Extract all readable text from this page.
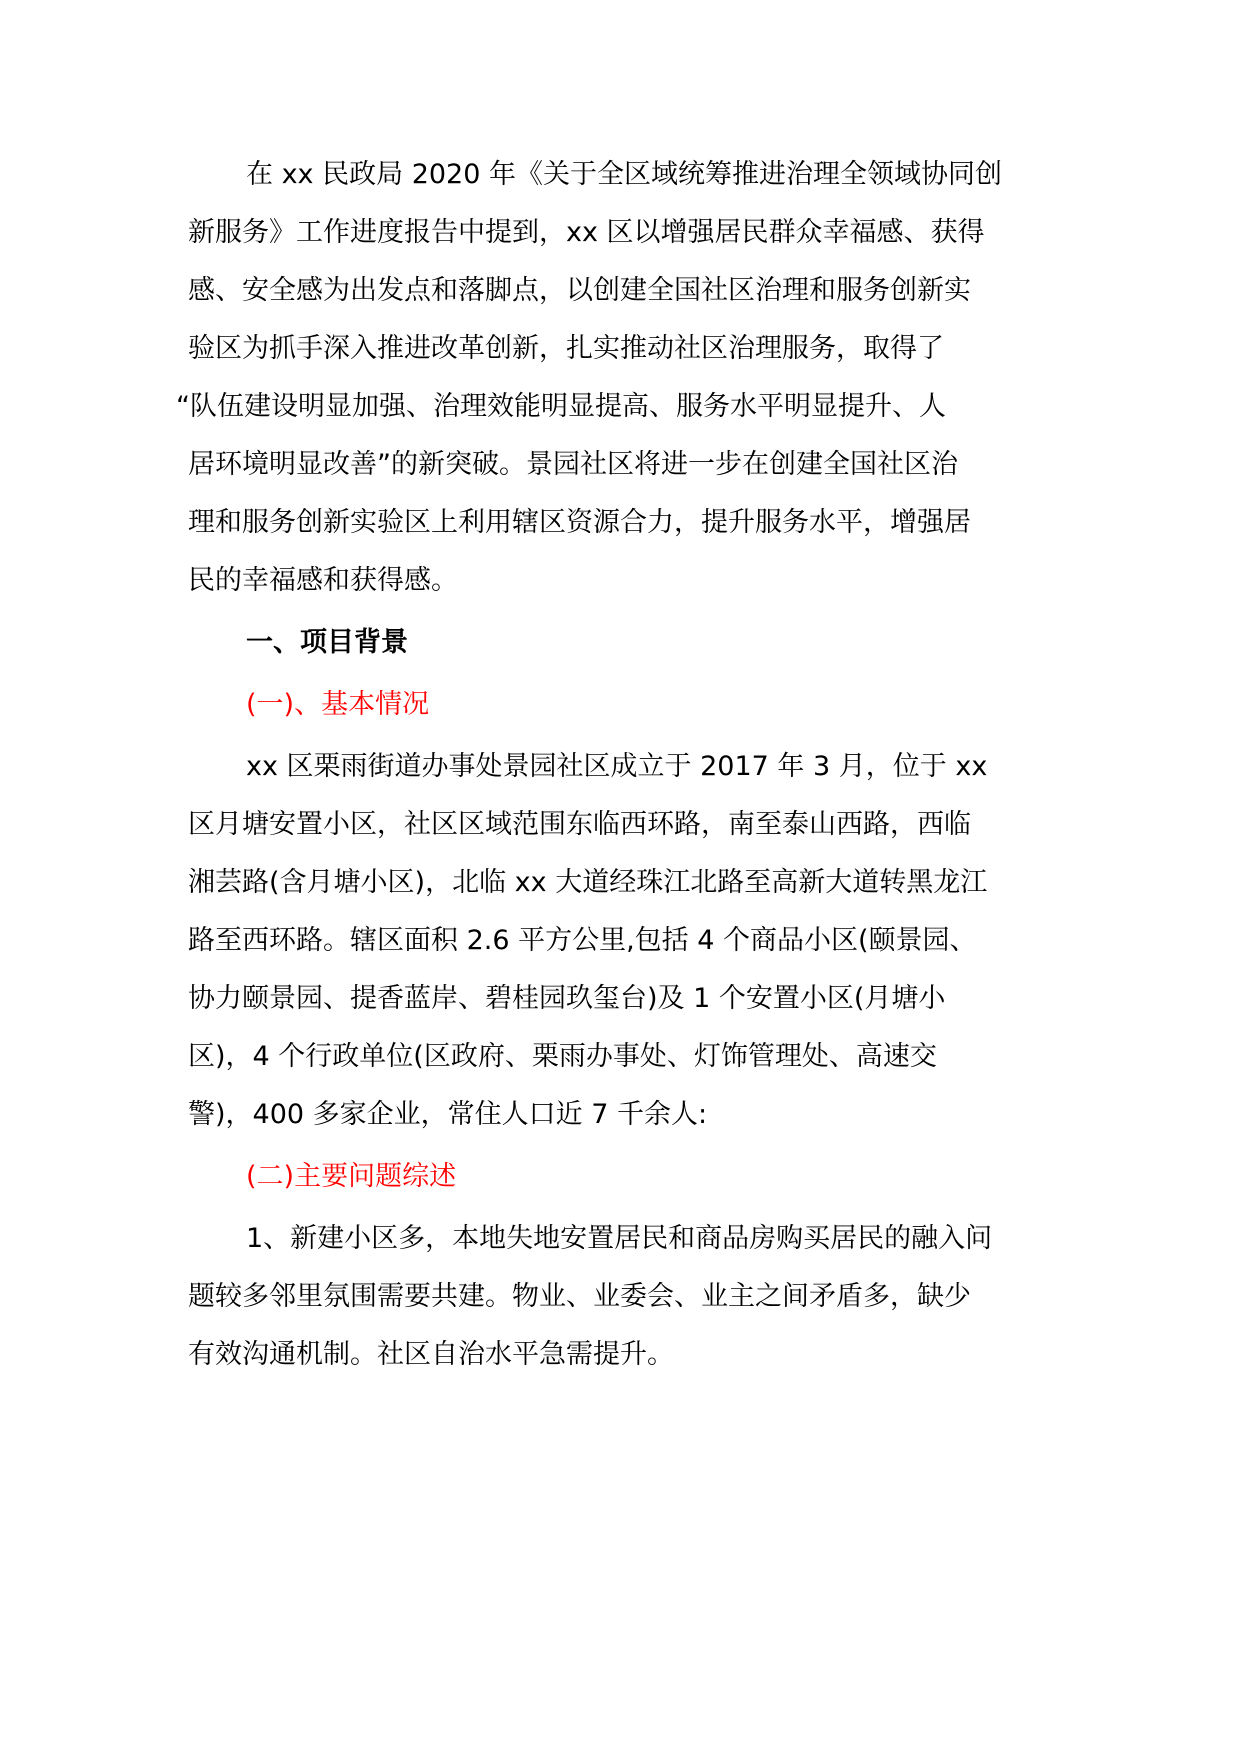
在 xx 民政局 2020 年《关于全区域统筹推进治理全领域协同创
新服务》工作进度报告中提到，xx 区以增强居民群众幸福感、获得
感、安全感为出发点和落脚点，以创建全国社区治理和服务创新实
验区为抓手深入推进改革创新，扎实推动社区治理服务，取得了
“队伍建设明显加强、治理效能明显提高、服务水平明显提升、人
居环境明显改善”的新突破。景园社区将进一步在创建全国社区治
理和服务创新实验区上利用辖区资源合力，提升服务水平，增强居
民的幸福感和获得感。
一、项目背景
(一)、基本情况
xx 区栗雨街道办事处景园社区成立于 2017 年 3 月，位于 xx
区月塘安置小区，社区区域范围东临西环路，南至泰山西路，西临
湘芸路(含月塘小区)，北临 xx 大道经珠江北路至高新大道转黑龙江
路至西环路。辖区面积 2.6 平方公里,包括 4 个商品小区(颐景园、
协力颐景园、提香蓝岸、碧桂园玖玺台)及 1 个安置小区(月塘小
区)，4 个行政单位(区政府、栗雨办事处、灯饰管理处、高速交
警)，400 多家企业，常住人口近 7 千余人:
(二)主要问题综述
1、新建小区多，本地失地安置居民和商品房购买居民的融入问
题较多邻里氛围需要共建。物业、业委会、业主之间矛盾多，缺少
有效沟通机制。社区自治水平急需提升。
